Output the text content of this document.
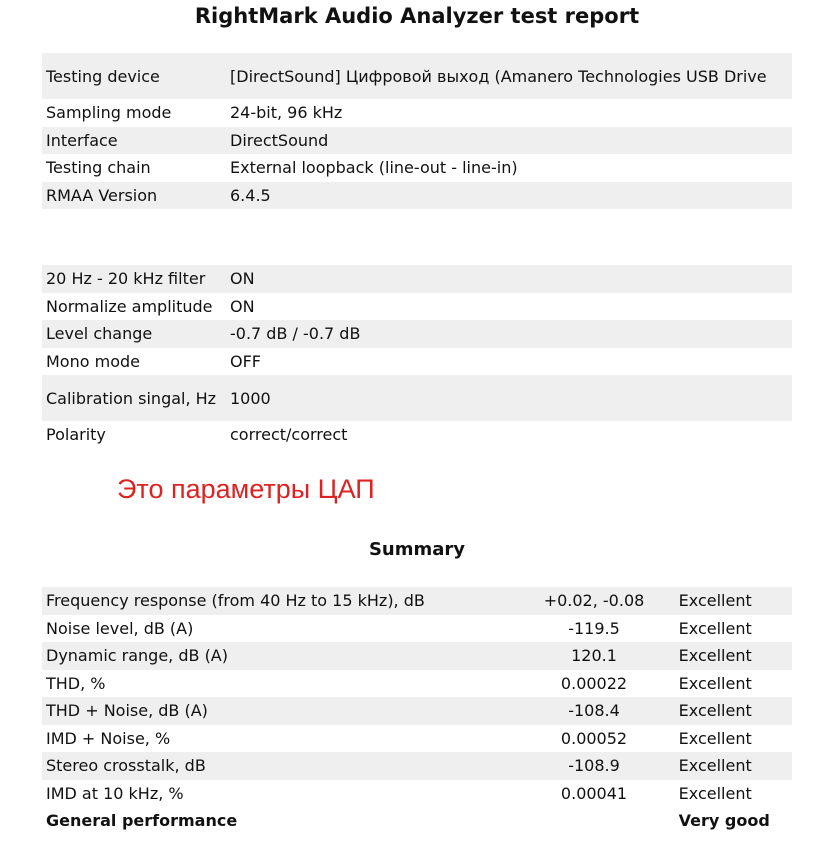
RightMark Audio Analyzer test report
Testing device	[DirectSound] Цифровой выход (Amanero Technologies USB Drive
Sampling mode	24-bit, 96 kHz
Interface	DirectSound
Testing chain	External loopback (line-out - line-in)
RMAA Version	6.4.5
20 Hz - 20 kHz filter	ON
Normalize amplitude	ON
Level change	-0.7 dB / -0.7 dB
Mono mode	OFF
Calibration singal, Hz	1000
Polarity	correct/correct
Это параметры ЦАП
Summary
Frequency response (from 40 Hz to 15 kHz), dB	+0.02, -0.08	Excellent
Noise level, dB (A)	-119.5	Excellent
Dynamic range, dB (A)	120.1	Excellent
THD, %	0.00022	Excellent
THD + Noise, dB (A)	-108.4	Excellent
IMD + Noise, %	0.00052	Excellent
Stereo crosstalk, dB	-108.9	Excellent
IMD at 10 kHz, %	0.00041	Excellent
General performance		Very good
